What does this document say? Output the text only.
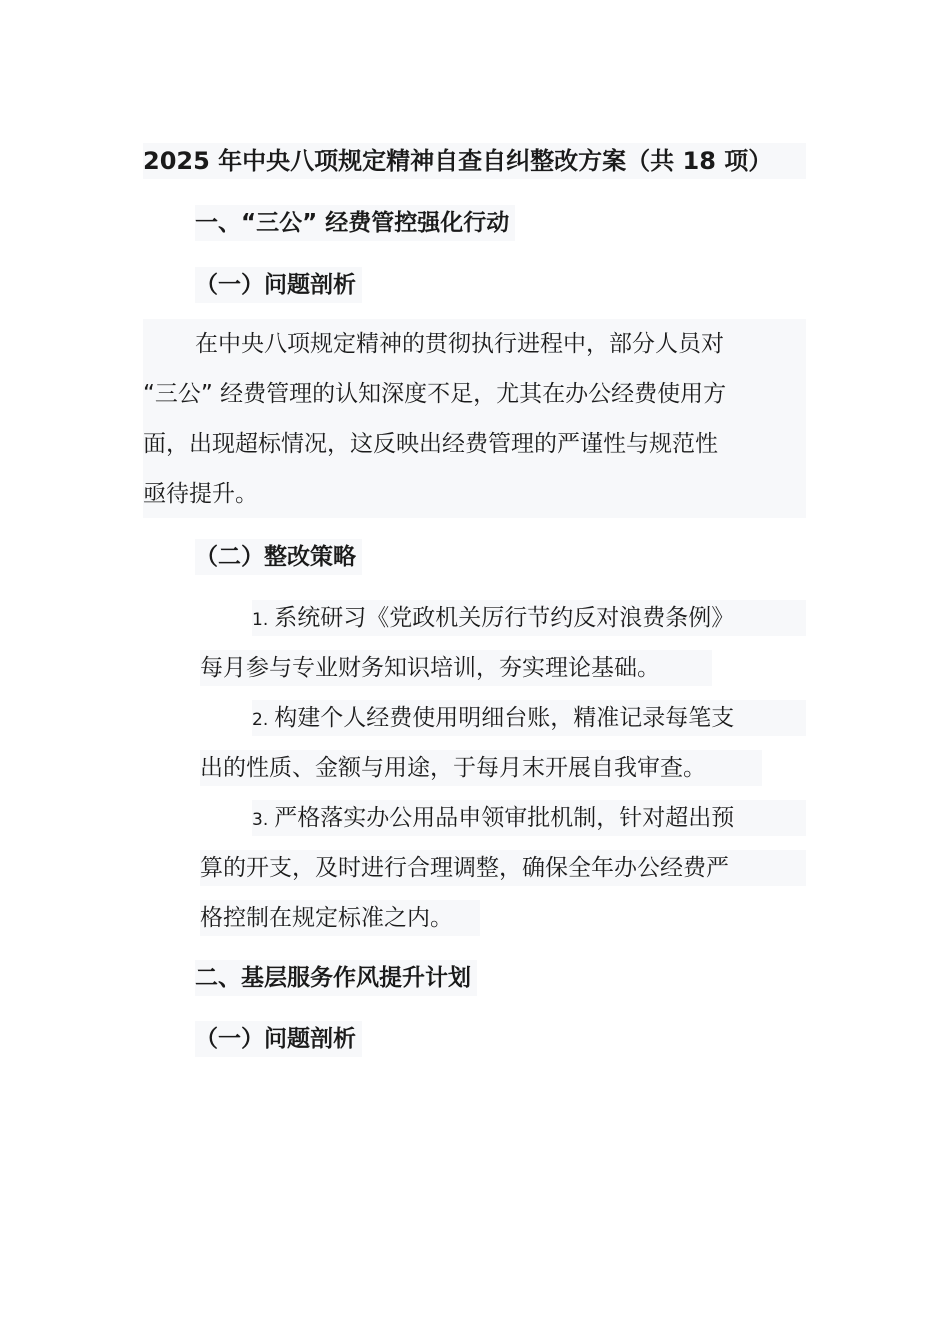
2025 年中央八项规定精神自查自纠整改方案（共 18 项）
一、“三公” 经费管控强化行动
（一）问题剖析
在中央八项规定精神的贯彻执行进程中，部分人员对
“三公” 经费管理的认知深度不足，尤其在办公经费使用方
面，出现超标情况，这反映出经费管理的严谨性与规范性
亟待提升。
（二）整改策略
1. 系统研习《党政机关厉行节约反对浪费条例》
每月参与专业财务知识培训，夯实理论基础。
2. 构建个人经费使用明细台账，精准记录每笔支
出的性质、金额与用途，于每月末开展自我审查。
3. 严格落实办公用品申领审批机制，针对超出预
算的开支，及时进行合理调整，确保全年办公经费严
格控制在规定标准之内。
二、基层服务作风提升计划
（一）问题剖析
